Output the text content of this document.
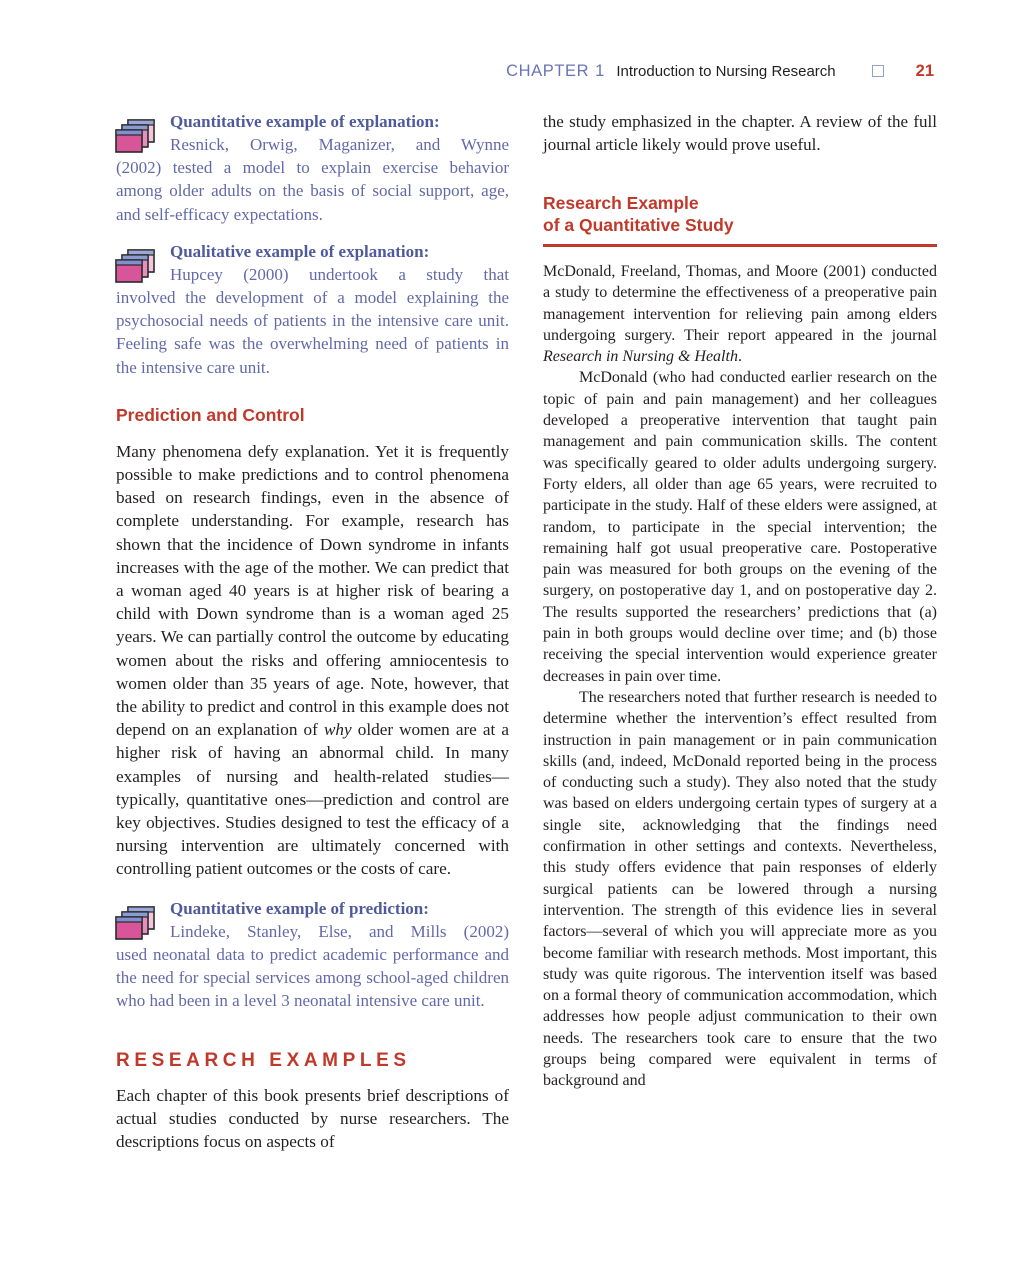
CHAPTER 1 Introduction to Nursing Research	21
Quantitative example of explanation:
Resnick, Orwig, Maganizer, and Wynne
(2002) tested a model to explain exercise behavior among older adults on the basis of social support, age, and self-efficacy expectations.
Qualitative example of explanation:
Hupcey (2000) undertook a study that
involved the development of a model explaining the psychosocial needs of patients in the intensive care unit. Feeling safe was the overwhelming need of patients in the intensive care unit.
Prediction and Control

Many phenomena defy explanation. Yet it is frequently possible to make predictions and to control phenomena based on research findings, even in the absence of complete understanding. For example, research has shown that the incidence of Down syndrome in infants increases with the age of the mother. We can predict that a woman aged 40 years is at higher risk of bearing a child with Down syndrome than is a woman aged 25 years. We can partially control the outcome by educating women about the risks and offering amniocentesis to women older than 35 years of age. Note, however, that the ability to predict and control in this example does not depend on an explanation of why older women are at a higher risk of having an abnormal child. In many examples of nursing and health-related studies—typically, quantitative ones—prediction and control are key objectives. Studies designed to test the efficacy of a nursing intervention are ultimately concerned with controlling patient outcomes or the costs of care.

Quantitative example of prediction:
Lindeke, Stanley, Else, and Mills (2002)
used neonatal data to predict academic performance and the need for special services among school-aged children who had been in a level 3 neonatal intensive care unit.
RESEARCH EXAMPLES

Each chapter of this book presents brief descriptions of actual studies conducted by nurse researchers. The descriptions focus on aspects of

the study emphasized in the chapter. A review of the full journal article likely would prove useful.

Research Example
of a Quantitative Study

McDonald, Freeland, Thomas, and Moore (2001) conducted a study to determine the effectiveness of a preoperative pain management intervention for relieving pain among elders undergoing surgery. Their report appeared in the journal Research in Nursing & Health.

McDonald (who had conducted earlier research on the topic of pain and pain management) and her colleagues developed a preoperative intervention that taught pain management and pain communication skills. The content was specifically geared to older adults undergoing surgery. Forty elders, all older than age 65 years, were recruited to participate in the study. Half of these elders were assigned, at random, to participate in the special intervention; the remaining half got usual preoperative care. Postoperative pain was measured for both groups on the evening of the surgery, on postoperative day 1, and on postoperative day 2. The results supported the researchers’ predictions that (a) pain in both groups would decline over time; and (b) those receiving the special intervention would experience greater decreases in pain over time.

The researchers noted that further research is needed to determine whether the intervention’s effect resulted from instruction in pain management or in pain communication skills (and, indeed, McDonald reported being in the process of conducting such a study). They also noted that the study was based on elders undergoing certain types of surgery at a single site, acknowledging that the findings need confirmation in other settings and contexts. Nevertheless, this study offers evidence that pain responses of elderly surgical patients can be lowered through a nursing intervention. The strength of this evidence lies in several factors—several of which you will appreciate more as you become familiar with research methods. Most important, this study was quite rigorous. The intervention itself was based on a formal theory of communication accommodation, which addresses how people adjust communication to their own needs. The researchers took care to ensure that the two groups being compared were equivalent in terms of background and
